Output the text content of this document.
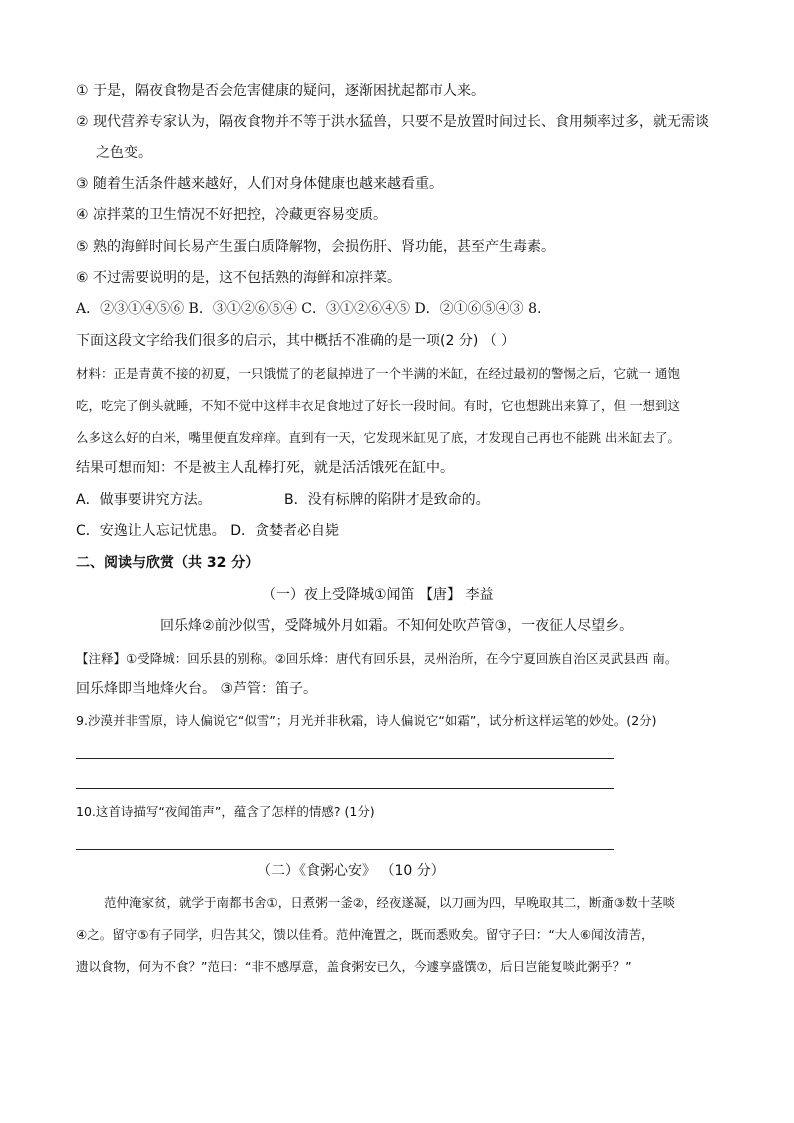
① 于是，隔夜食物是否会危害健康的疑问，逐渐困扰起都市人来。
② 现代营养专家认为，隔夜食物并不等于洪水猛兽，只要不是放置时间过长、食用频率过多，就无需谈
之色变。
③ 随着生活条件越来越好，人们对身体健康也越来越看重。
④ 凉拌菜的卫生情况不好把控，冷藏更容易变质。
⑤ 熟的海鲜时间长易产生蛋白质降解物，会损伤肝、肾功能，甚至产生毒素。
⑥ 不过需要说明的是，这不包括熟的海鲜和凉拌菜。
A．②③①④⑤⑥ B．③①②⑥⑤④ C．③①②⑥④⑤ D．②①⑥⑤④③ 8.
下面这段文字给我们很多的启示，其中概括不准确的是一项(2 分) （ ）
材料：正是青黄不接的初夏，一只饿慌了的老鼠掉进了一个半满的米缸，在经过最初的警惕之后，它就一 通饱
吃，吃完了倒头就睡，不知不觉中这样丰衣足食地过了好长一段时间。有时，它也想跳出来算了，但 一想到这
么多这么好的白米，嘴里便直发痒痒。直到有一天，它发现米缸见了底，才发现自己再也不能跳 出米缸去了。
结果可想而知：不是被主人乱棒打死，就是活活饿死在缸中。
A．做事要讲究方法。	B．没有标牌的陷阱才是致命的。
C．安逸让人忘记忧患。 D．贪婪者必自毙
二、阅读与欣赏（共 32 分）
（一）夜上受降城①闻笛 【唐】 李益
回乐烽②前沙似雪，受降城外月如霜。不知何处吹芦管③，一夜征人尽望乡。
【注释】①受降城：回乐县的别称。②回乐烽：唐代有回乐县，灵州治所，在今宁夏回族自治区灵武县西 南。
回乐烽即当地烽火台。 ③芦管：笛子。
9.沙漠并非雪原，诗人偏说它“似雪”；月光并非秋霜，诗人偏说它“如霜”，试分析这样运笔的妙处。(2分)
10.这首诗描写“夜闻笛声”，蕴含了怎样的情感? (1分)
（二）《食粥心安》 （10 分）
范仲淹家贫，就学于南都书舍①，日煮粥一釜②，经夜遂凝，以刀画为四，早晚取其二，断齑③数十茎啖
④之。留守⑤有子同学，归告其父，馈以佳肴。范仲淹置之，既而悉败矣。留守子曰：“大人⑥闻汝清苦，
遗以食物，何为不食？”范曰：“非不感厚意，盖食粥安已久，今遽享盛馔⑦，后日岂能复啖此粥乎？”
